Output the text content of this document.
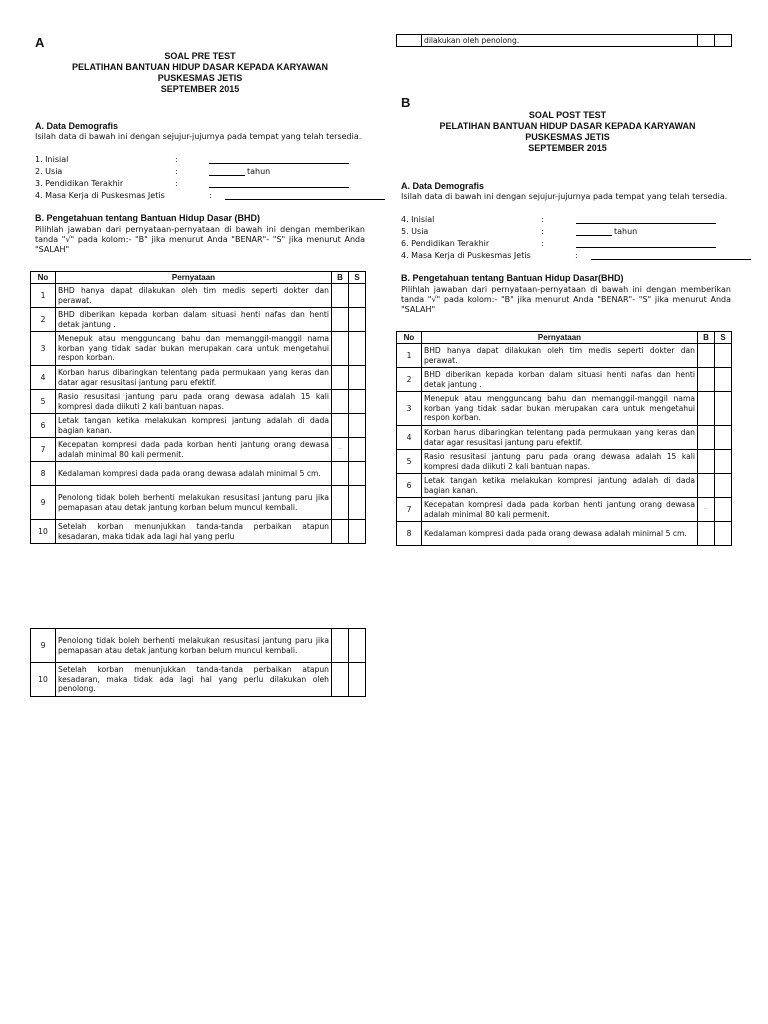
A
SOAL PRE TEST
PELATIHAN BANTUAN HIDUP DASAR KEPADA KARYAWAN
PUSKESMAS JETIS
SEPTEMBER 2015
A. Data Demografis
Isilah data di bawah ini dengan sejujur-jujurnya pada tempat yang telah tersedia.
1. Inisial	:
2. Usia	:	tahun
3. Pendidikan Terakhir	:
4. Masa Kerja di Puskesmas Jetis	:
B. Pengetahuan tentang Bantuan Hidup Dasar (BHD)
Pilihlah jawaban dari pernyataan-pernyataan di bawah ini dengan memberikan tanda "√" pada kolom:- "B" jika menurut Anda "BENAR"- "S" jika menurut Anda "SALAH"
No	Pernyataan	B	S
1	BHD hanya dapat dilakukan oleh tim medis seperti dokter dan perawat.		
2	BHD diberikan kepada korban dalam situasi henti nafas dan henti detak jantung .		
3	Menepuk atau mengguncang bahu dan memanggil-manggil nama korban yang tidak sadar bukan merupakan cara untuk mengetahui respon korban.		
4	Korban harus dibaringkan telentang pada permukaan yang keras dan datar agar resusitasi jantung paru efektif.		
5	Rasio resusitasi jantung paru pada orang dewasa adalah 15 kali kompresi dada diikuti 2 kali bantuan napas.		
6	Letak tangan ketika melakukan kompresi jantung adalah di dada bagian kanan.		
7	Kecepatan kompresi dada pada korban henti jantung orang dewasa adalah minimal 80 kali permenit.	··	
8	Kedalaman kompresi dada pada orang dewasa adalah minimal 5 cm.		
9	Penolong tidak boleh berhenti melakukan resusitasi jantung paru jika pemapasan atau detak jantung korban belum muncul kembali.		
10	Setelah korban menunjukkan tanda-tanda perbaikan atapun kesadaran, maka tidak ada lagi hal yang perlu		
9	Penolong tidak boleh berhenti melakukan resusitasi jantung paru jika pemapasan atau detak jantung korban belum muncul kembali.		
10	Setelah korban menunjukkan tanda-tanda perbaikan atapun kesadaran, maka tidak ada lagi hal yang perlu dilakukan oleh penolong.		
	dilakukan oleh penolong.		
B
SOAL POST TEST
PELATIHAN BANTUAN HIDUP DASAR KEPADA KARYAWAN
PUSKESMAS JETIS
SEPTEMBER 2015
A. Data Demografis
Isilah data di bawah ini dengan sejujur-jujurnya pada tempat yang telah tersedia.
4. Inisial	:
5. Usia	:	tahun
6. Pendidikan Terakhir	:
4. Masa Kerja di Puskesmas Jetis	:
B. Pengetahuan tentang Bantuan Hidup Dasar(BHD)
Pilihlah jawaban dari pernyataan-pernyataan di bawah ini dengan memberikan tanda "√" pada kolom:- "B" jika menurut Anda "BENAR"- "S" jika menurut Anda "SALAH"
No	Pernyataan	B	S
1	BHD hanya dapat dilakukan oleh tim medis seperti dokter dan perawat.		
2	BHD diberikan kepada korban dalam situasi henti nafas dan henti detak jantung .		
3	Menepuk atau mengguncang bahu dan memanggil-manggil nama korban yang tidak sadar bukan merupakan cara untuk mengetahui respon korban.		
4	Korban harus dibaringkan telentang pada permukaan yang keras dan datar agar resusitasi jantung paru efektif.		
5	Rasio resusitasi jantung paru pada orang dewasa adalah 15 kali kompresi dada diikuti 2 kali bantuan napas.		
6	Letak tangan ketika melakukan kompresi jantung adalah di dada bagian kanan.		
7	Kecepatan kompresi dada pada korban henti jantung orang dewasa adalah minimal 80 kali permenit.	··	
8	Kedalaman kompresi dada pada orang dewasa adalah minimal 5 cm.		
